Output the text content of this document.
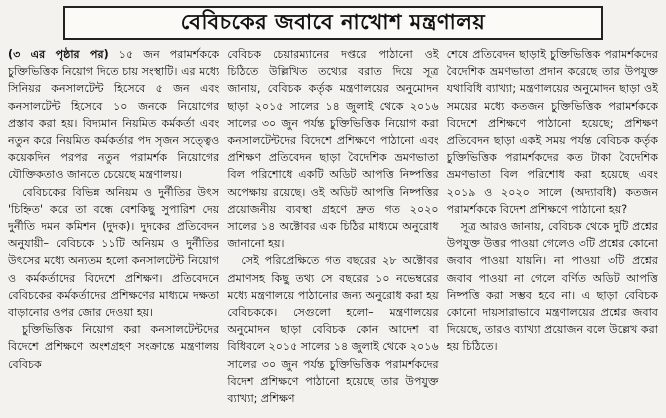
বেবিচকের জবাবে নাখোশ মন্ত্রণালয়

(৩ এর পৃষ্ঠার পর) ১৫ জন পরামর্শককে চুক্তিভিত্তিক নিয়োগ দিতে চায় সংস্থাটি। এর মধ্যে সিনিয়র কনসালটেন্ট হিসেবে ৫ জন এবং কনসালটেন্ট হিসেবে ১০ জনকে নিয়োগের প্রস্তাব করা হয়। বিদ্যমান নিয়মিত কর্মকর্তা এবং নতুন করে নিয়মিত কর্মকর্তার পদ সৃজন সত্ত্বেও কয়েকদিন পরপর নতুন পরামর্শক নিয়োগের যৌক্তিকতাও জানতে চেয়েছে মন্ত্রণালয়।

বেবিচকের বিভিন্ন অনিয়ম ও দুর্নীতির উৎস 'চিহ্নিত' করে তা বন্ধে বেশকিছু সুপারিশ দেয় দুর্নীতি দমন কমিশন (দুদক)। দুদকের প্রতিবেদন অনুযায়ী– বেবিচকে ১১টি অনিয়ম ও দুর্নীতির উৎসের মধ্যে অন্যতম হলো কনসালটেন্ট নিয়োগ ও কর্মকর্তাদের বিদেশে প্রশিক্ষণ। প্রতিবেদনে বেবিচকের কর্মকর্তাদের প্রশিক্ষণের মাধ্যমে দক্ষতা বাড়ানোর ওপর জোর দেওয়া হয়।

চুক্তিভিত্তিক নিয়োগ করা কনসালটেন্টদের বিদেশে প্রশিক্ষণে অংশগ্রহণ সংক্রান্তে মন্ত্রণালয় বেবিচক

বেবিচক চেয়ারম্যানের দপ্তরে পাঠানো ওই চিঠিতে উল্লিখিত তথ্যের বরাত দিয়ে সূত্র জানায়, বেবিচক কর্তৃক মন্ত্রণালয়ের অনুমোদন ছাড়া ২০১৫ সালের ১৪ জুলাই থেকে ২০১৬ সালের ৩০ জুন পর্যন্ত চুক্তিভিত্তিক নিয়োগ করা কনসালটেন্টদের বিদেশে প্রশিক্ষণে পাঠানো এবং প্রশিক্ষণ প্রতিবেদন ছাড়া বৈদেশিক ভ্রমণভাতা বিল পরিশোধে একটি অডিট আপত্তি নিষ্পত্তির অপেক্ষায় রয়েছে। ওই অডিট আপত্তি নিষ্পত্তির প্রয়োজনীয় ব্যবস্থা গ্রহণে দ্রুত গত ২০২০ সালের ১৪ অক্টোবর এক চিঠির মাধ্যমে অনুরোধ জানানো হয়।

সেই পরিপ্রেক্ষিতে গত বছরের ২৮ অক্টোবর প্রমাণসহ কিছু তথ্য সে বছরের ১০ নভেম্বরের মধ্যে মন্ত্রণালয়ে পাঠানোর জন্য অনুরোধ করা হয় বেবিচককে। সেগুলো হলো– মন্ত্রণালয়ের অনুমোদন ছাড়া বেবিচক কোন আদেশ বা বিধিবলে ২০১৫ সালের ১৪ জুলাই থেকে ২০১৬ সালের ৩০ জুন পর্যন্ত চুক্তিভিত্তিক পরামর্শকদের বিদেশ প্রশিক্ষণে পাঠানো হয়েছে তার উপযুক্ত ব্যাখ্যা; প্রশিক্ষণ

শেষে প্রতিবেদন ছাড়াই চুক্তিভিত্তিক পরামর্শকদের বৈদেশিক ভ্রমণভাতা প্রদান করেছে তার উপযুক্ত যথাবিধি ব্যাখ্যা; মন্ত্রণালয়ের অনুমোদন ছাড়া ওই সময়ের মধ্যে কতজন চুক্তিভিত্তিক পরামর্শককে বিদেশে প্রশিক্ষণে পাঠানো হয়েছে; প্রশিক্ষণ প্রতিবেদন ছাড়া একই সময় পর্যন্ত বেবিচক কর্তৃক চুক্তিভিত্তিক পরামর্শকদের কত টাকা বৈদেশিক ভ্রমণভাতা বিল পরিশোধ করা হয়েছে এবং ২০১৯ ও ২০২০ সালে (অদ্যাবধি) কতজন পরামর্শককে বিদেশ প্রশিক্ষণে পাঠানো হয়?

সূত্র আরও জানায়, বেবিচক থেকে দুটি প্রশ্নের উপযুক্ত উত্তর পাওয়া গেলেও ৩টি প্রশ্নের কোনো জবাব পাওয়া যায়নি। না পাওয়া ৩টি প্রশ্নের জবাব পাওয়া না গেলে বর্ণিত অডিট আপত্তি নিষ্পত্তি করা সম্ভব হবে না। এ ছাড়া বেবিচক কোনো দায়সারাভাবে মন্ত্রণালয়ের প্রশ্নের জবাব দিয়েছে, তারও ব্যাখ্যা প্রয়োজন বলে উল্লেখ করা হয় চিঠিতে।
